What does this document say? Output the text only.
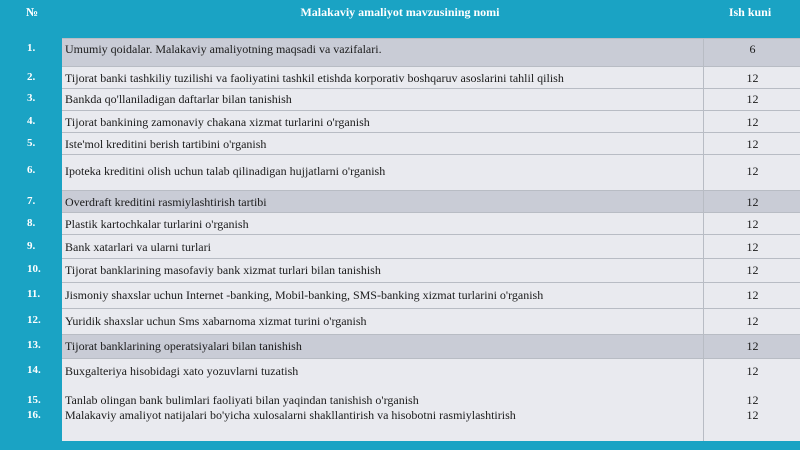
№	Malakaviy amaliyot mavzusining nomi	Ish kuni
1. Umumiy qoidalar. Malakaviy amaliyotning maqsadi va vazifalari.	6
2. Tijorat banki tashkiliy tuzilishi va faoliyatini tashkil etishda korporativ boshqaruv asoslarini tahlil qilish	12
3. Bankda qo'llaniladigan daftarlar bilan tanishish	12
4. Tijorat bankining zamonaviy chakana xizmat turlarini o'rganish	12
5. Iste'mol kreditini berish tartibini o'rganish	12
6. Ipoteka kreditini olish uchun talab qilinadigan hujjatlarni o'rganish	12
7. Overdraft kreditini rasmiylashtirish tartibi	12
8. Plastik kartochkalar turlarini o'rganish	12
9. Bank xatarlari va ularni turlari	12
10. Tijorat banklarining masofaviy bank xizmat turlari bilan tanishish	12
11. Jismoniy shaxslar uchun Internet -banking, Mobil-banking, SMS-banking xizmat turlarini o'rganish	12
12. Yuridik shaxslar uchun Sms xabarnoma xizmat turini o'rganish	12
13. Tijorat banklarining operatsiyalari bilan tanishish	12
14. Buxgalteriya hisobidagi xato yozuvlarni tuzatish	12
15. Tanlab olingan bank bulimlari faoliyati bilan yaqindan tanishish o'rganish	12
16. Malakaviy amaliyot natijalari bo'yicha xulosalarni shakllantirish va hisobotni rasmiylashtirish	12
